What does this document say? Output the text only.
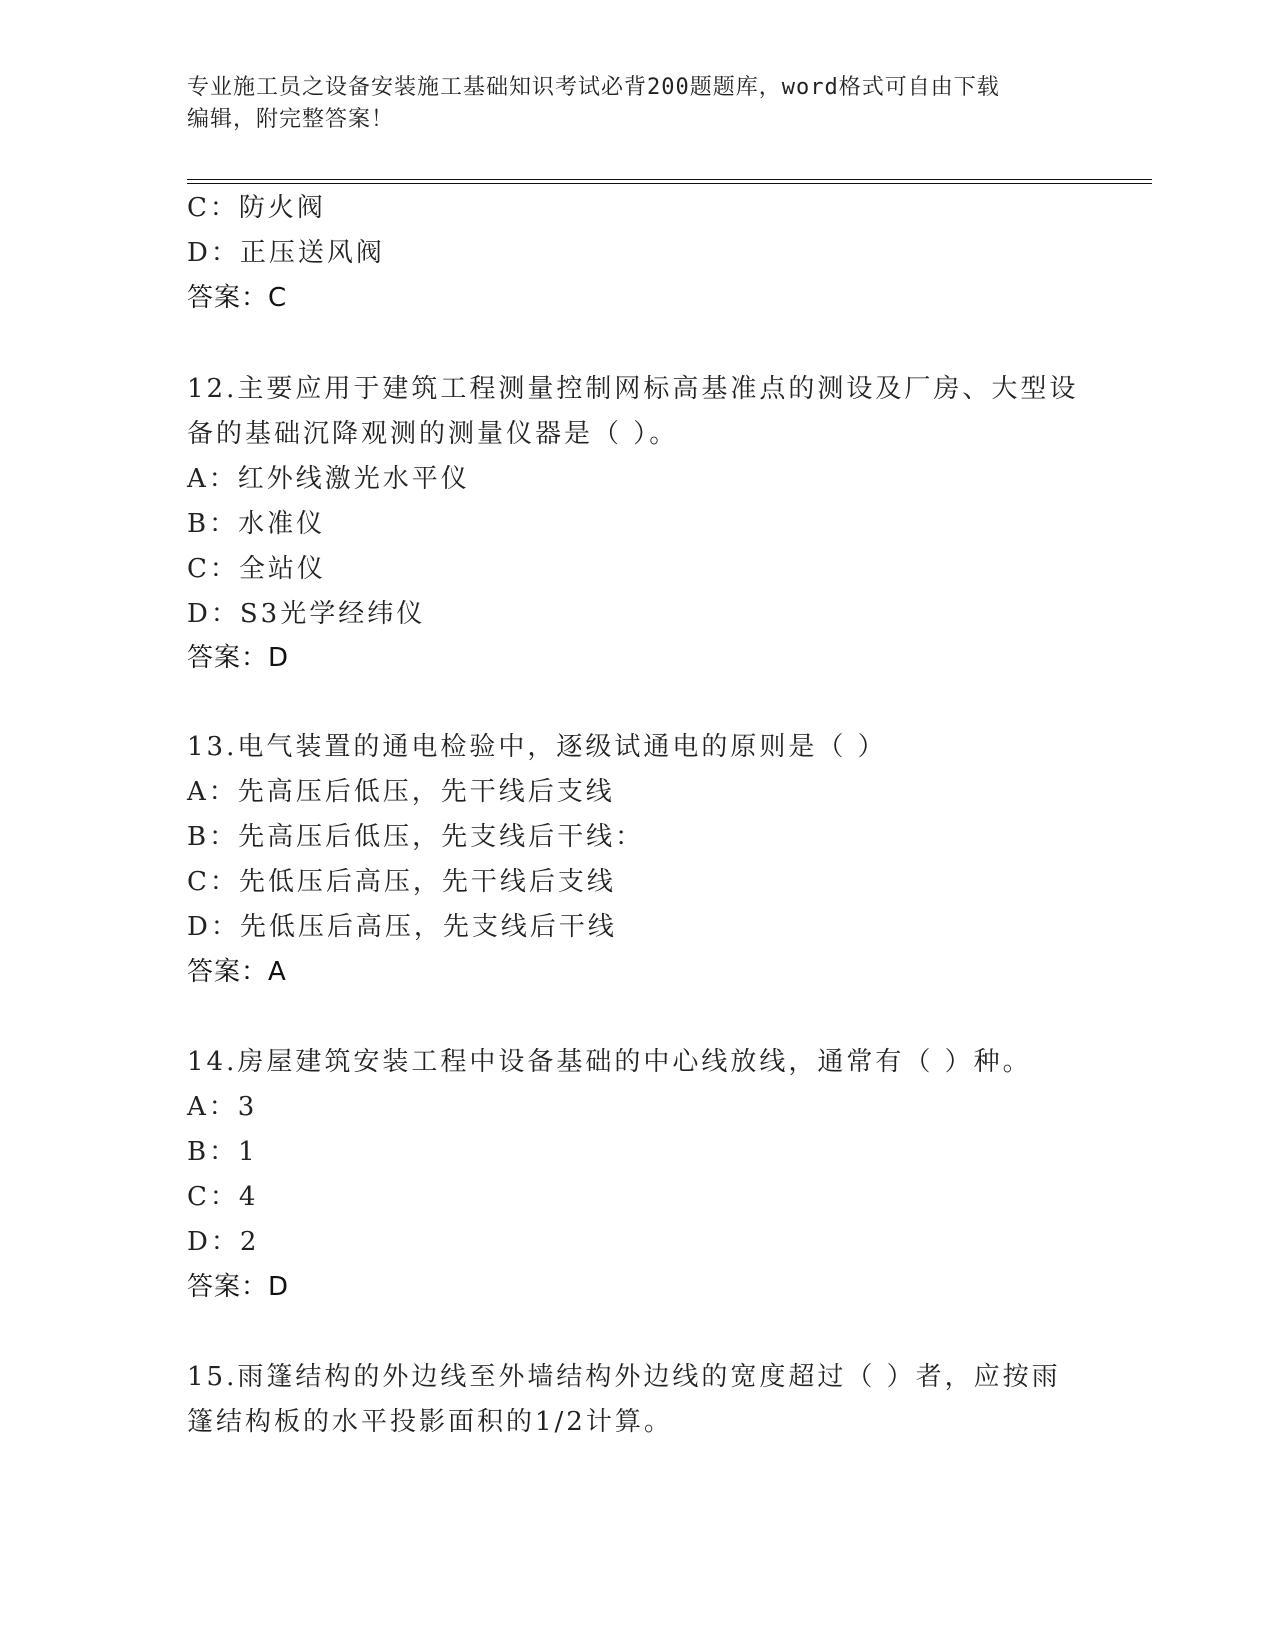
专业施工员之设备安装施工基础知识考试必背200题题库，word格式可自由下载
编辑，附完整答案！
C：防火阀
D：正压送风阀
答案：C
12.主要应用于建筑工程测量控制网标高基准点的测设及厂房、大型设
备的基础沉降观测的测量仪器是（ ）。
A：红外线激光水平仪
B：水准仪
C：全站仪
D：S3光学经纬仪
答案：D
13.电气装置的通电检验中，逐级试通电的原则是（ ）
A：先高压后低压，先干线后支线
B：先高压后低压，先支线后干线：
C：先低压后高压，先干线后支线
D：先低压后高压，先支线后干线
答案：A
14.房屋建筑安装工程中设备基础的中心线放线，通常有（ ）种。
A：3
B：1
C：4
D：2
答案：D
15.雨篷结构的外边线至外墙结构外边线的宽度超过（ ）者，应按雨
篷结构板的水平投影面积的1/2计算。
